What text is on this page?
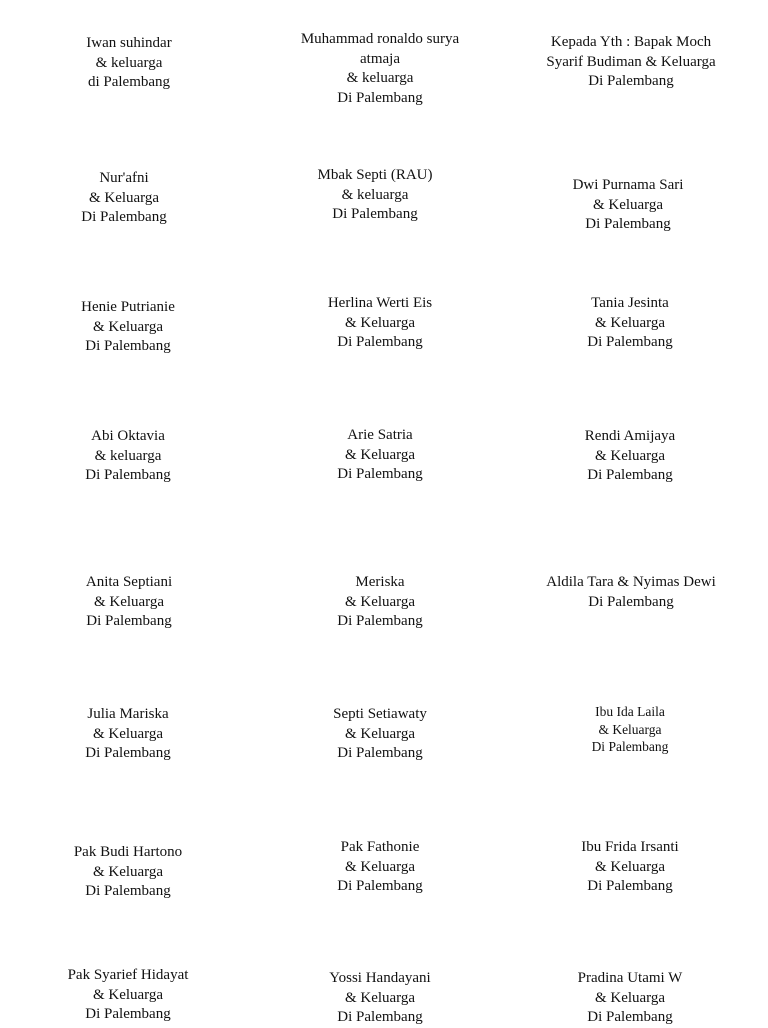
Iwan suhindar
& keluarga
di Palembang
Muhammad ronaldo surya
atmaja
& keluarga
Di Palembang
Kepada Yth : Bapak Moch
Syarif Budiman & Keluarga
Di Palembang
Nur'afni
& Keluarga
Di Palembang
Mbak Septi (RAU)
& keluarga
Di Palembang
Dwi Purnama Sari
& Keluarga
Di Palembang
Henie Putrianie
& Keluarga
Di Palembang
Herlina Werti Eis
& Keluarga
Di Palembang
Tania Jesinta
& Keluarga
Di Palembang
Abi Oktavia
& keluarga
Di Palembang
Arie Satria
& Keluarga
Di Palembang
Rendi Amijaya
& Keluarga
Di Palembang
Anita Septiani
& Keluarga
Di Palembang
Meriska
& Keluarga
Di Palembang
Aldila Tara & Nyimas Dewi
Di Palembang
Julia Mariska
& Keluarga
Di Palembang
Septi Setiawaty
& Keluarga
Di Palembang
Ibu Ida Laila
& Keluarga
Di Palembang
Pak Budi Hartono
& Keluarga
Di Palembang
Pak Fathonie
& Keluarga
Di Palembang
Ibu Frida Irsanti
& Keluarga
Di Palembang
Pak Syarief Hidayat
& Keluarga
Di Palembang
Yossi Handayani
& Keluarga
Di Palembang
Pradina Utami W
& Keluarga
Di Palembang
